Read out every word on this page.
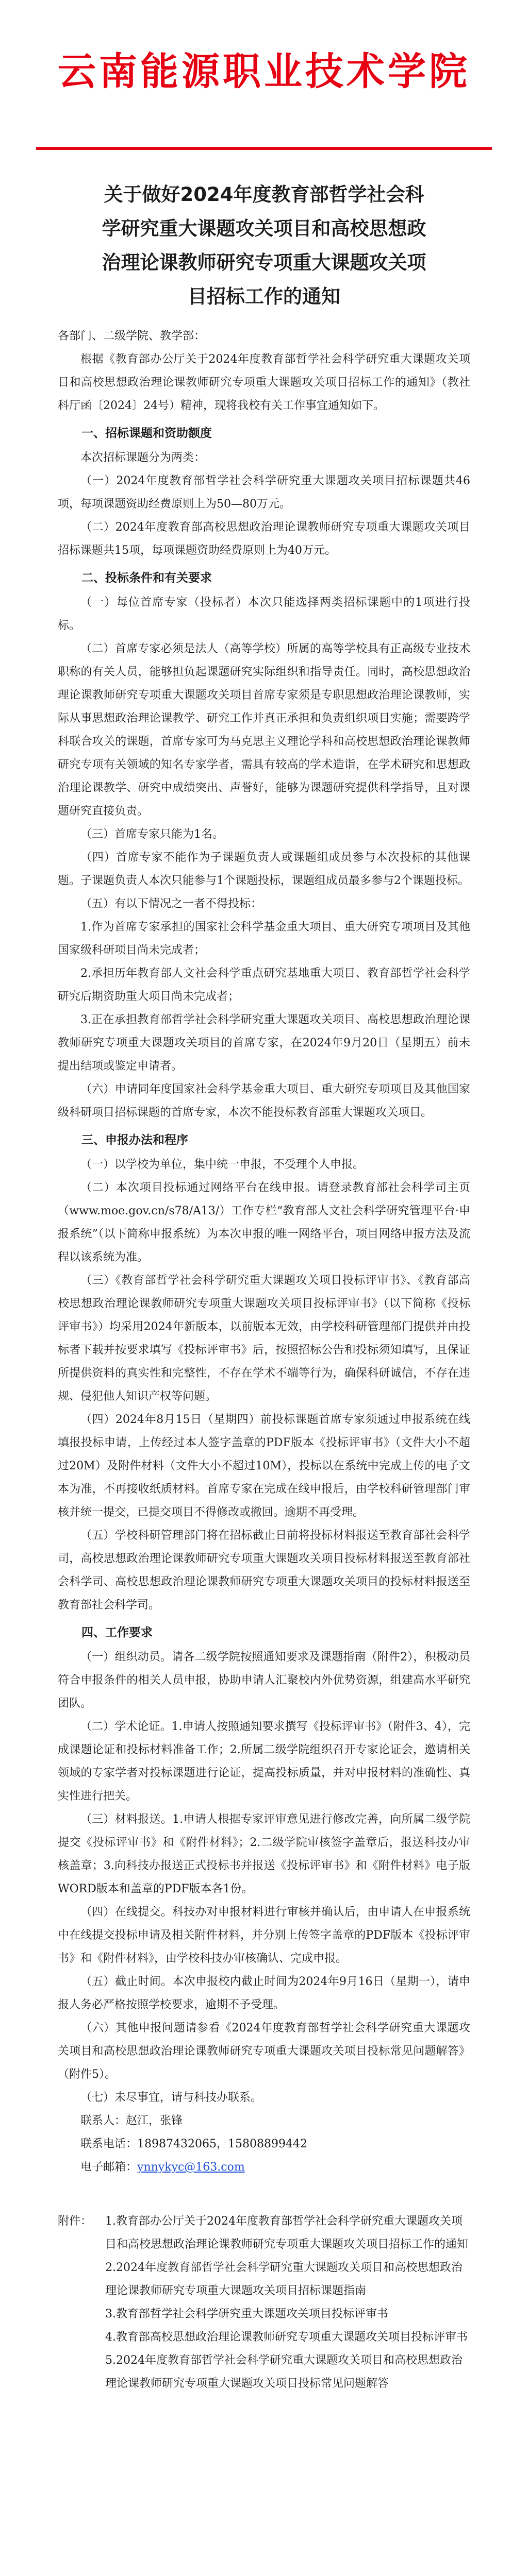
云南能源职业技术学院
关于做好2024年度教育部哲学社会科学研究重大课题攻关项目和高校思想政治理论课教师研究专项重大课题攻关项目招标工作的通知

各部门、二级学院、教学部：

根据《教育部办公厅关于2024年度教育部哲学社会科学研究重大课题攻关项目和高校思想政治理论课教师研究专项重大课题攻关项目招标工作的通知》（教社科厅函〔2024〕24号）精神，现将我校有关工作事宜通知如下。

一、招标课题和资助额度

本次招标课题分为两类：

（一）2024年度教育部哲学社会科学研究重大课题攻关项目招标课题共46项，每项课题资助经费原则上为50—80万元。

（二）2024年度教育部高校思想政治理论课教师研究专项重大课题攻关项目招标课题共15项，每项课题资助经费原则上为40万元。

二、投标条件和有关要求

（一）每位首席专家（投标者）本次只能选择两类招标课题中的1项进行投标。

（二）首席专家必须是法人（高等学校）所属的高等学校具有正高级专业技术职称的有关人员，能够担负起课题研究实际组织和指导责任。同时，高校思想政治理论课教师研究专项重大课题攻关项目首席专家须是专职思想政治理论课教师，实际从事思想政治理论课教学、研究工作并真正承担和负责组织项目实施；需要跨学科联合攻关的课题，首席专家可为马克思主义理论学科和高校思想政治理论课教师研究专项有关领域的知名专家学者，需具有较高的学术造诣，在学术研究和思想政治理论课教学、研究中成绩突出、声誉好，能够为课题研究提供科学指导，且对课题研究直接负责。

（三）首席专家只能为1名。

（四）首席专家不能作为子课题负责人或课题组成员参与本次投标的其他课题。子课题负责人本次只能参与1个课题投标，课题组成员最多参与2个课题投标。

（五）有以下情况之一者不得投标：

1.作为首席专家承担的国家社会科学基金重大项目、重大研究专项项目及其他国家级科研项目尚未完成者；

2.承担历年教育部人文社会科学重点研究基地重大项目、教育部哲学社会科学研究后期资助重大项目尚未完成者；

3.正在承担教育部哲学社会科学研究重大课题攻关项目、高校思想政治理论课教师研究专项重大课题攻关项目的首席专家，在2024年9月20日（星期五）前未提出结项或鉴定申请者。

（六）申请同年度国家社会科学基金重大项目、重大研究专项项目及其他国家级科研项目招标课题的首席专家，本次不能投标教育部重大课题攻关项目。

三、申报办法和程序

（一）以学校为单位，集中统一申报，不受理个人申报。

（二）本次项目投标通过网络平台在线申报。请登录教育部社会科学司主页（www.moe.gov.cn/s78/A13/）工作专栏“教育部人文社会科学研究管理平台·申报系统”（以下简称申报系统）为本次申报的唯一网络平台，项目网络申报方法及流程以该系统为准。

（三）《教育部哲学社会科学研究重大课题攻关项目投标评审书》、《教育部高校思想政治理论课教师研究专项重大课题攻关项目投标评审书》（以下简称《投标评审书》）均采用2024年新版本，以前版本无效，由学校科研管理部门提供并由投标者下载并按要求填写《投标评审书》后，按照招标公告和投标须知填写，且保证所提供资料的真实性和完整性，不存在学术不端等行为，确保科研诚信，不存在违规、侵犯他人知识产权等问题。

（四）2024年8月15日（星期四）前投标课题首席专家须通过申报系统在线填报投标申请，上传经过本人签字盖章的PDF版本《投标评审书》（文件大小不超过20M）及附件材料（文件大小不超过10M），投标以在系统中完成上传的电子文本为准，不再接收纸质材料。首席专家在完成在线申报后，由学校科研管理部门审核并统一提交，已提交项目不得修改或撤回。逾期不再受理。

（五）学校科研管理部门将在招标截止日前将投标材料报送至教育部社会科学司，高校思想政治理论课教师研究专项重大课题攻关项目投标材料报送至教育部社会科学司、高校思想政治理论课教师研究专项重大课题攻关项目的投标材料报送至教育部社会科学司。

四、工作要求

（一）组织动员。请各二级学院按照通知要求及课题指南（附件2），积极动员符合申报条件的相关人员申报，协助申请人汇聚校内外优势资源，组建高水平研究团队。

（二）学术论证。1.申请人按照通知要求撰写《投标评审书》（附件3、4），完成课题论证和投标材料准备工作；2.所属二级学院组织召开专家论证会，邀请相关领域的专家学者对投标课题进行论证，提高投标质量，并对申报材料的准确性、真实性进行把关。

（三）材料报送。1.申请人根据专家评审意见进行修改完善，向所属二级学院提交《投标评审书》和《附件材料》；2.二级学院审核签字盖章后，报送科技办审核盖章；3.向科技办报送正式投标书并报送《投标评审书》和《附件材料》电子版WORD版本和盖章的PDF版本各1份。

（四）在线提交。科技办对申报材料进行审核并确认后，由申请人在申报系统中在线提交投标申请及相关附件材料，并分别上传签字盖章的PDF版本《投标评审书》和《附件材料》，由学校科技办审核确认、完成申报。

（五）截止时间。本次申报校内截止时间为2024年9月16日（星期一），请申报人务必严格按照学校要求，逾期不予受理。

（六）其他申报问题请参看《2024年度教育部哲学社会科学研究重大课题攻关项目和高校思想政治理论课教师研究专项重大课题攻关项目投标常见问题解答》（附件5）。

（七）未尽事宜，请与科技办联系。

联系人：赵江，张锋

联系电话：18987432065，15808899442

电子邮箱：ynnykyc@163.com

附件：	1.教育部办公厅关于2024年度教育部哲学社会科学研究重大课题攻关项目和高校思想政治理论课教师研究专项重大课题攻关项目招标工作的通知
2.2024年度教育部哲学社会科学研究重大课题攻关项目和高校思想政治理论课教师研究专项重大课题攻关项目招标课题指南
3.教育部哲学社会科学研究重大课题攻关项目投标评审书
4.教育部高校思想政治理论课教师研究专项重大课题攻关项目投标评审书
5.2024年度教育部哲学社会科学研究重大课题攻关项目和高校思想政治理论课教师研究专项重大课题攻关项目投标常见问题解答
